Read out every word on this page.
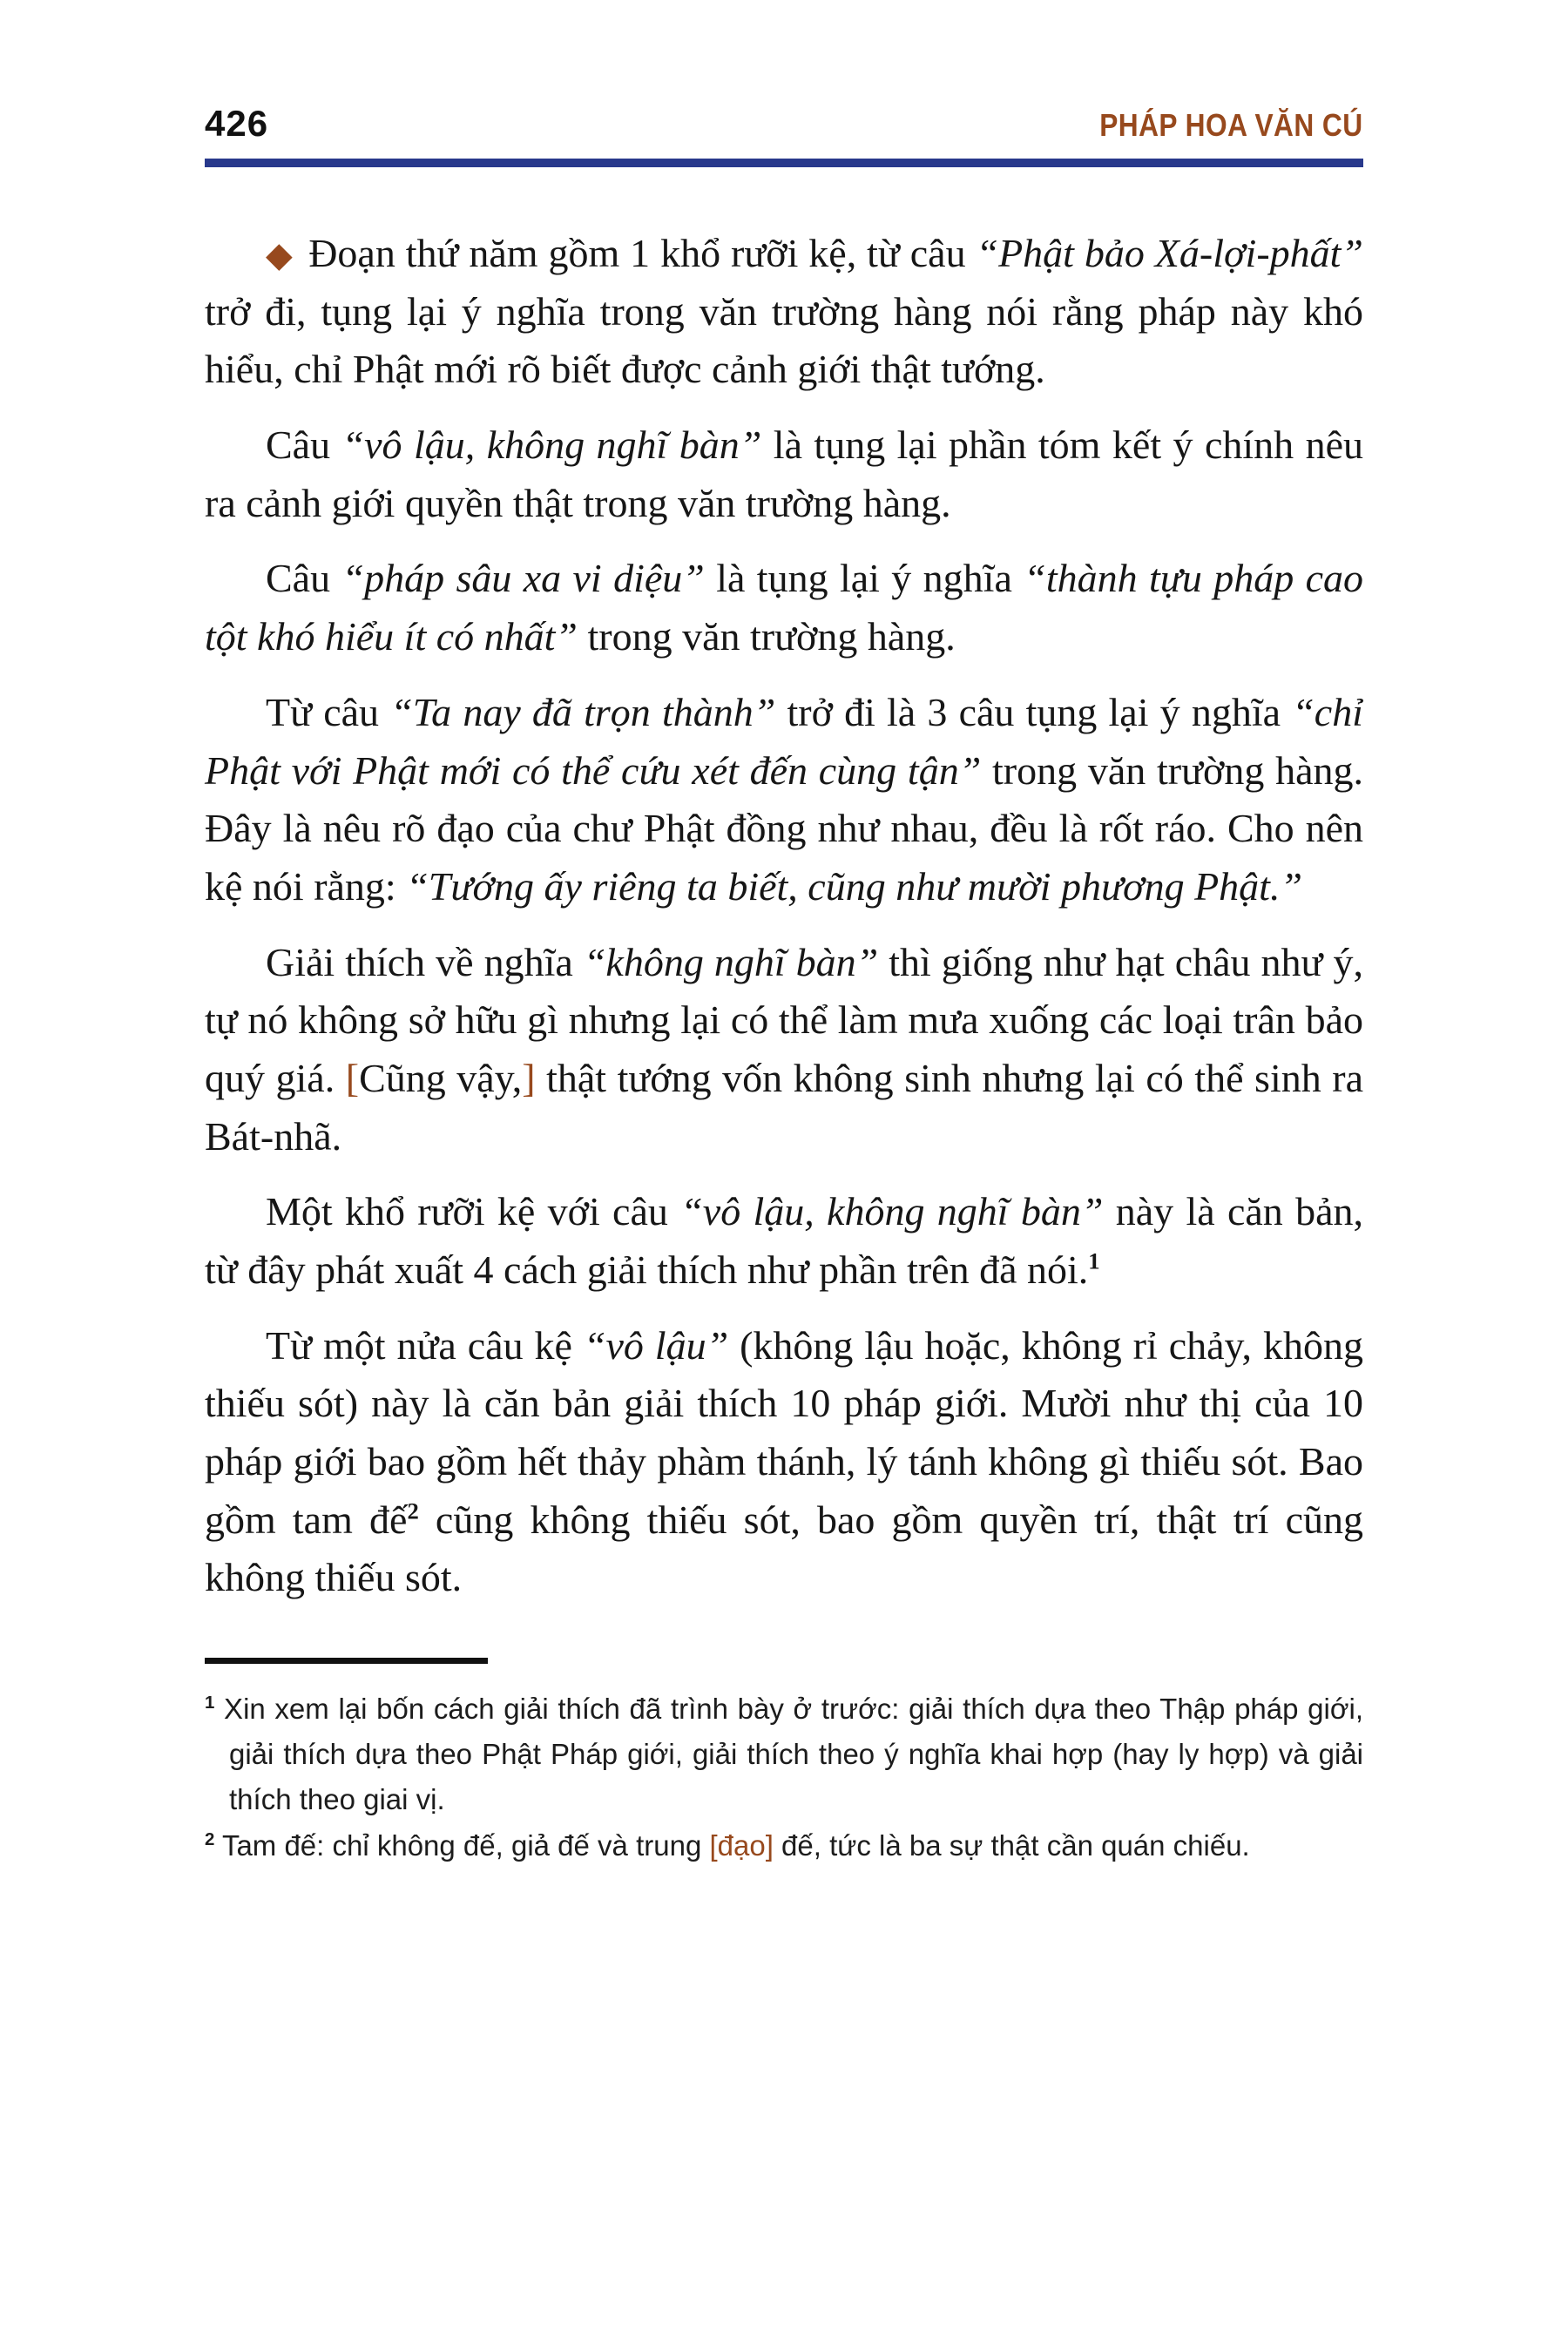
426	PHÁP HOA VĂN CÚ

◆ Đoạn thứ năm gồm 1 khổ rưỡi kệ, từ câu “Phật bảo Xá-lợi-phất” trở đi, tụng lại ý nghĩa trong văn trường hàng nói rằng pháp này khó hiểu, chỉ Phật mới rõ biết được cảnh giới thật tướng.

Câu “vô lậu, không nghĩ bàn” là tụng lại phần tóm kết ý chính nêu ra cảnh giới quyền thật trong văn trường hàng.

Câu “pháp sâu xa vi diệu” là tụng lại ý nghĩa “thành tựu pháp cao tột khó hiểu ít có nhất” trong văn trường hàng.

Từ câu “Ta nay đã trọn thành” trở đi là 3 câu tụng lại ý nghĩa “chỉ Phật với Phật mới có thể cứu xét đến cùng tận” trong văn trường hàng. Đây là nêu rõ đạo của chư Phật đồng như nhau, đều là rốt ráo. Cho nên kệ nói rằng: “Tướng ấy riêng ta biết, cũng như mười phương Phật.”

Giải thích về nghĩa “không nghĩ bàn” thì giống như hạt châu như ý, tự nó không sở hữu gì nhưng lại có thể làm mưa xuống các loại trân bảo quý giá. [Cũng vậy,] thật tướng vốn không sinh nhưng lại có thể sinh ra Bát-nhã.

Một khổ rưỡi kệ với câu “vô lậu, không nghĩ bàn” này là căn bản, từ đây phát xuất 4 cách giải thích như phần trên đã nói.$^1$

Từ một nửa câu kệ “vô lậu” (không lậu hoặc, không rỉ chảy, không thiếu sót) này là căn bản giải thích 10 pháp giới. Mười như thị của 10 pháp giới bao gồm hết thảy phàm thánh, lý tánh không gì thiếu sót. Bao gồm tam đế$^2$ cũng không thiếu sót, bao gồm quyền trí, thật trí cũng không thiếu sót.

$^1$ Xin xem lại bốn cách giải thích đã trình bày ở trước: giải thích dựa theo Thập pháp giới, giải thích dựa theo Phật Pháp giới, giải thích theo ý nghĩa khai hợp (hay ly hợp) và giải thích theo giai vị.
$^2$ Tam đế: chỉ không đế, giả đế và trung [đạo] đế, tức là ba sự thật cần quán chiếu.
